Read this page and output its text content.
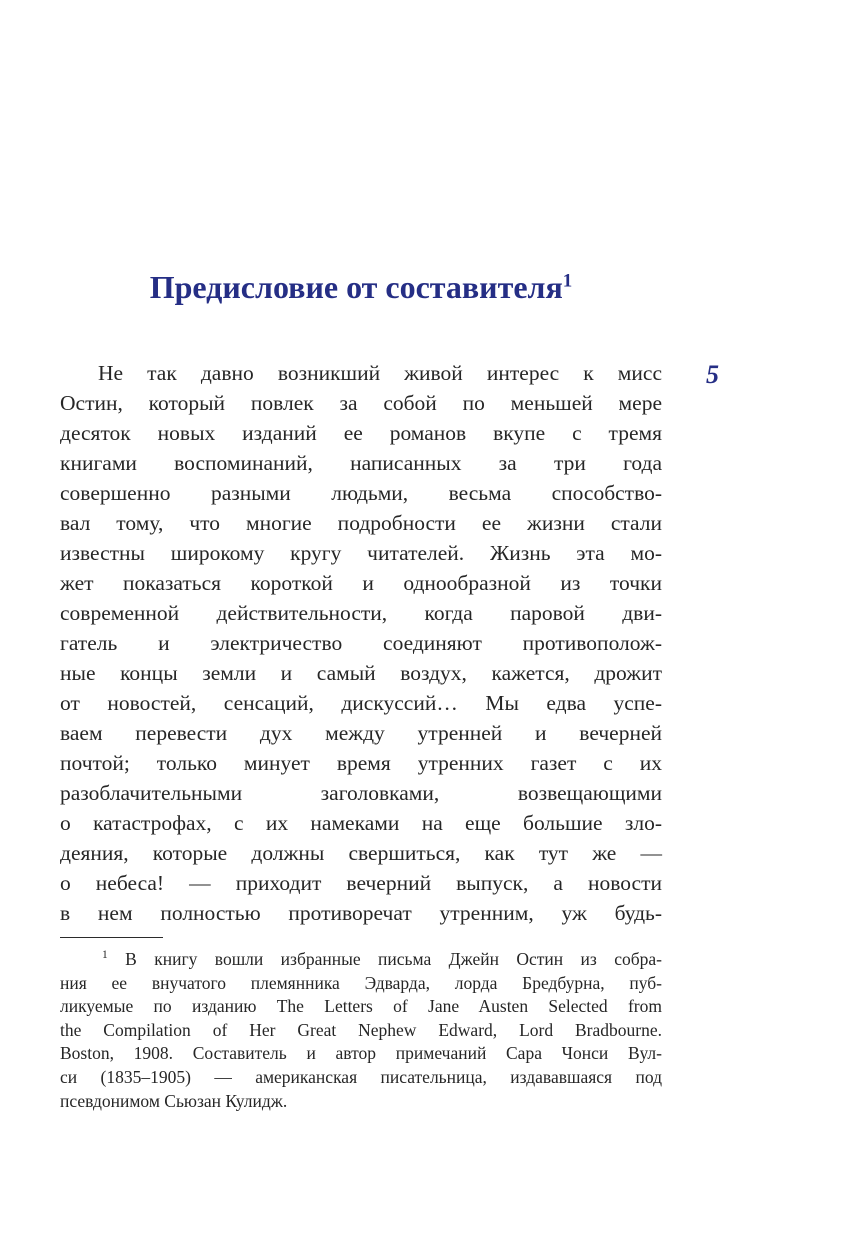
Предисловие от составителя$^1$
5
Не так давно возникший живой интерес к мисс
Остин, который повлек за собой по меньшей мере
десяток новых изданий ее романов вкупе с тремя
книгами воспоминаний, написанных за три года
совершенно разными людьми, весьма способство-
вал тому, что многие подробности ее жизни стали
известны широкому кругу читателей. Жизнь эта мо-
жет показаться короткой и однообразной из точки
современной действительности, когда паровой дви-
гатель и электричество соединяют противополож-
ные концы земли и самый воздух, кажется, дрожит
от новостей, сенсаций, дискуссий… Мы едва успе-
ваем перевести дух между утренней и вечерней
почтой; только минует время утренних газет с их
разоблачительными заголовками, возвещающими
о катастрофах, с их намеками на еще большие зло-
деяния, которые должны свершиться, как тут же —
о небеса! — приходит вечерний выпуск, а новости
в нем полностью противоречат утренним, уж будь-
$^1$ В книгу вошли избранные письма Джейн Остин из собра-
ния ее внучатого племянника Эдварда, лорда Бредбурна, пуб-
ликуемые по изданию The Letters of Jane Austen Selected from
the Compilation of Her Great Nephew Edward, Lord Bradbourne.
Boston, 1908. Составитель и автор примечаний Сара Чонси Вул-
си (1835–1905) — американская писательница, издававшаяся под
псевдонимом Сьюзан Кулидж.
